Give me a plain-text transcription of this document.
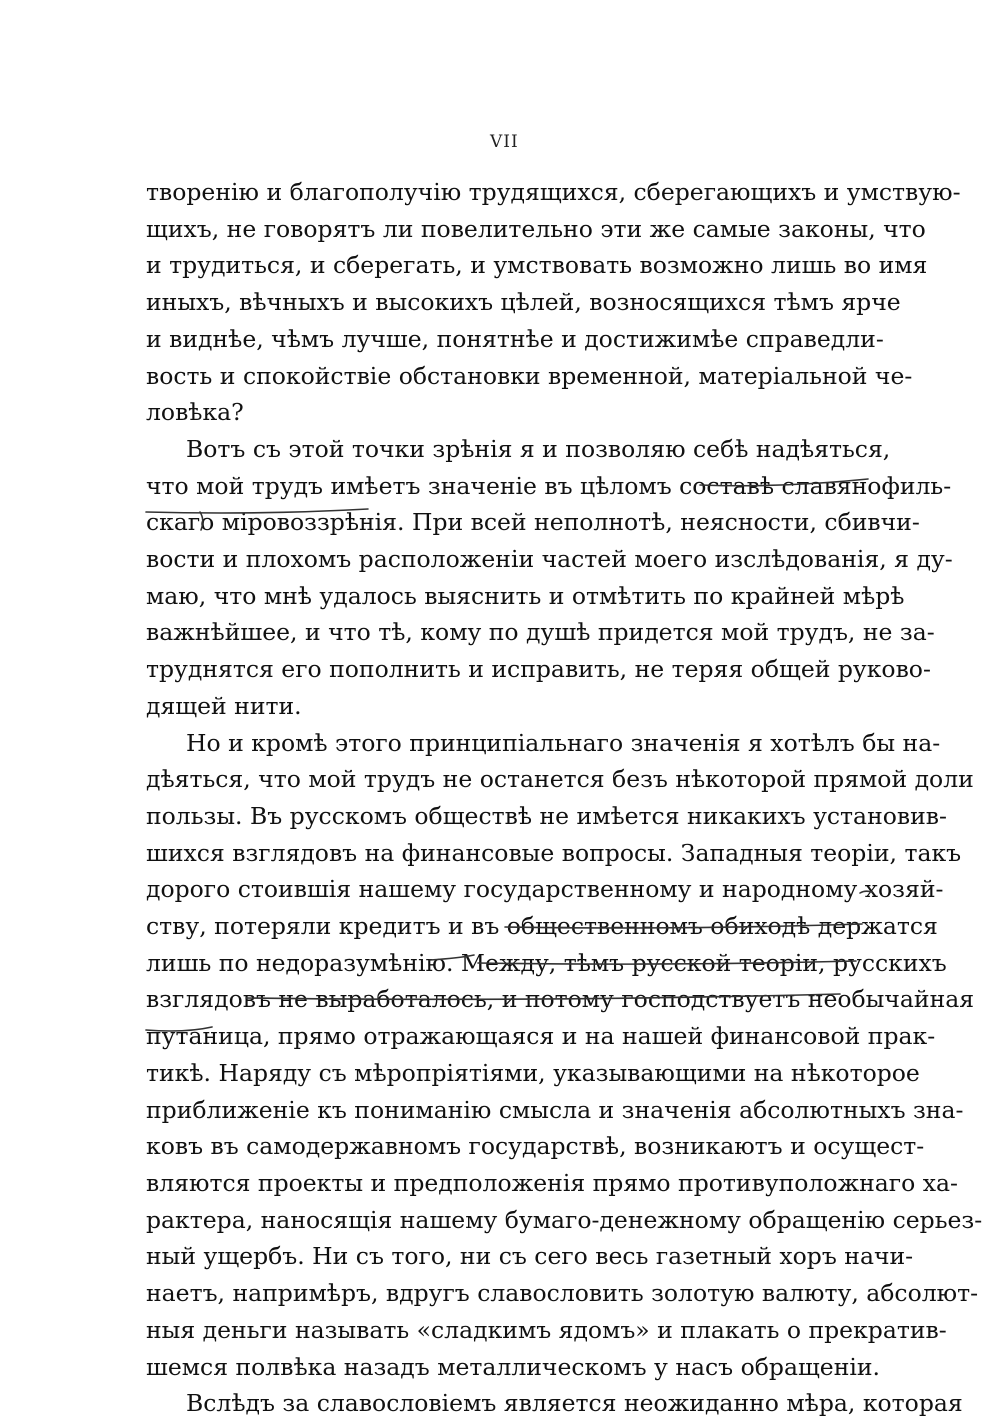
VII
творенію и благополучію трудящихся, сберегающихъ и умствую-
щихъ, не говорятъ ли повелительно эти же самые законы, что
и трудиться, и сберегать, и умствовать возможно лишь во имя
иныхъ, вѣчныхъ и высокихъ цѣлей, возносящихся тѣмъ ярче
и виднѣе, чѣмъ лучше, понятнѣе и достижимѣе справедли-
вость и спокойствіе обстановки временной, матеріальной че-
ловѣка?
Вотъ съ этой точки зрѣнія я и позволяю себѣ надѣяться,
что мой трудъ имѣетъ значеніе въ цѣломъ составѣ славянофиль-
скаго міровоззрѣнія. При всей неполнотѣ, неясности, сбивчи-
вости и плохомъ расположеніи частей моего изслѣдованія, я ду-
маю, что мнѣ удалось выяснить и отмѣтить по крайней мѣрѣ
важнѣйшее, и что тѣ, кому по душѣ придется мой трудъ, не за-
труднятся его пополнить и исправить, не теряя общей руково-
дящей нити.
Но и кромѣ этого принципіальнаго значенія я хотѣлъ бы на-
дѣяться, что мой трудъ не останется безъ нѣкоторой прямой доли
пользы. Въ русскомъ обществѣ не имѣется никакихъ установив-
шихся взглядовъ на финансовые вопросы. Западныя теоріи, такъ
дорого стоившія нашему государственному и народному хозяй-
ству, потеряли кредитъ и въ общественномъ обиходѣ держатся
лишь по недоразумѣнію. Между, тѣмъ русской теоріи, русскихъ
взглядовъ не выработалось, и потому господствуетъ необычайная
путаница, прямо отражающаяся и на нашей финансовой прак-
тикѣ. Наряду съ мѣропріятіями, указывающими на нѣкоторое
приближеніе къ пониманію смысла и значенія абсолютныхъ зна-
ковъ въ самодержавномъ государствѣ, возникаютъ и осущест-
вляются проекты и предположенія прямо противуположнаго ха-
рактера, наносящія нашему бумаго-денежному обращенію серьез-
ный ущербъ. Ни съ того, ни съ сего весь газетный хоръ начи-
наетъ, напримѣръ, вдругъ славословить золотую валюту, абсолют-
ныя деньги называть «сладкимъ ядомъ» и плакать о прекратив-
шемся полвѣка назадъ металлическомъ у насъ обращеніи.
Вслѣдъ за славословіемъ является неожиданно мѣра, которая
